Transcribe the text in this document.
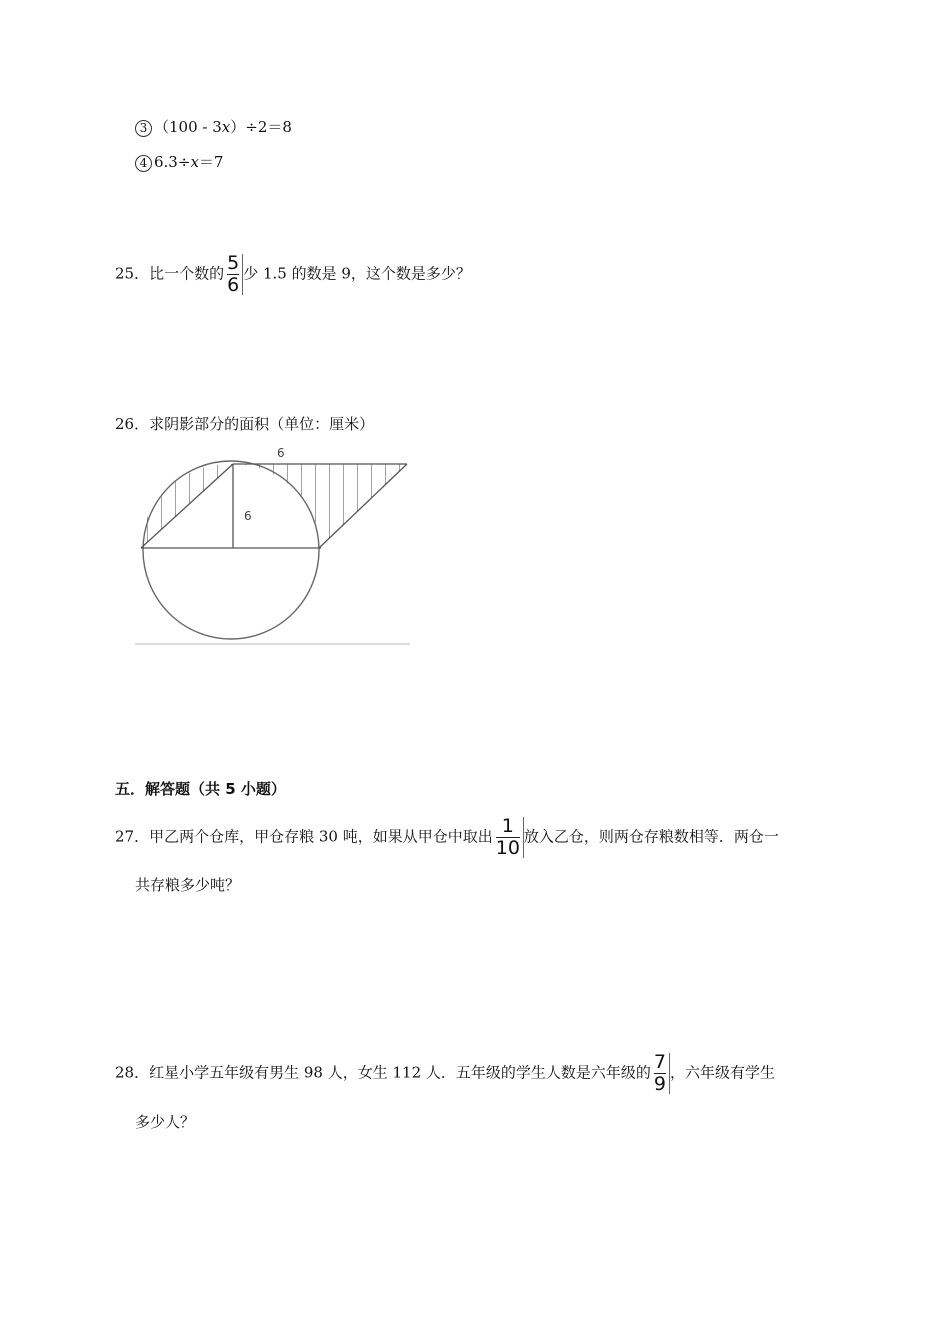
3 （100 - 3x）÷2＝8
4 6.3÷x＝7
25．比一个数的 $\frac{5}{6}$ 少 1.5 的数是 9，这个数是多少？
26．求阴影部分的面积（单位：厘米）
6
6
五．解答题（共 5 小题）
27．甲乙两个仓库，甲仓存粮 30 吨，如果从甲仓中取出 $\frac{1}{10}$ 放入乙仓，则两仓存粮数相等．两仓一
共存粮多少吨？
28．红星小学五年级有男生 98 人，女生 112 人．五年级的学生人数是六年级的 $\frac{7}{9}$ ，六年级有学生
多少人？
